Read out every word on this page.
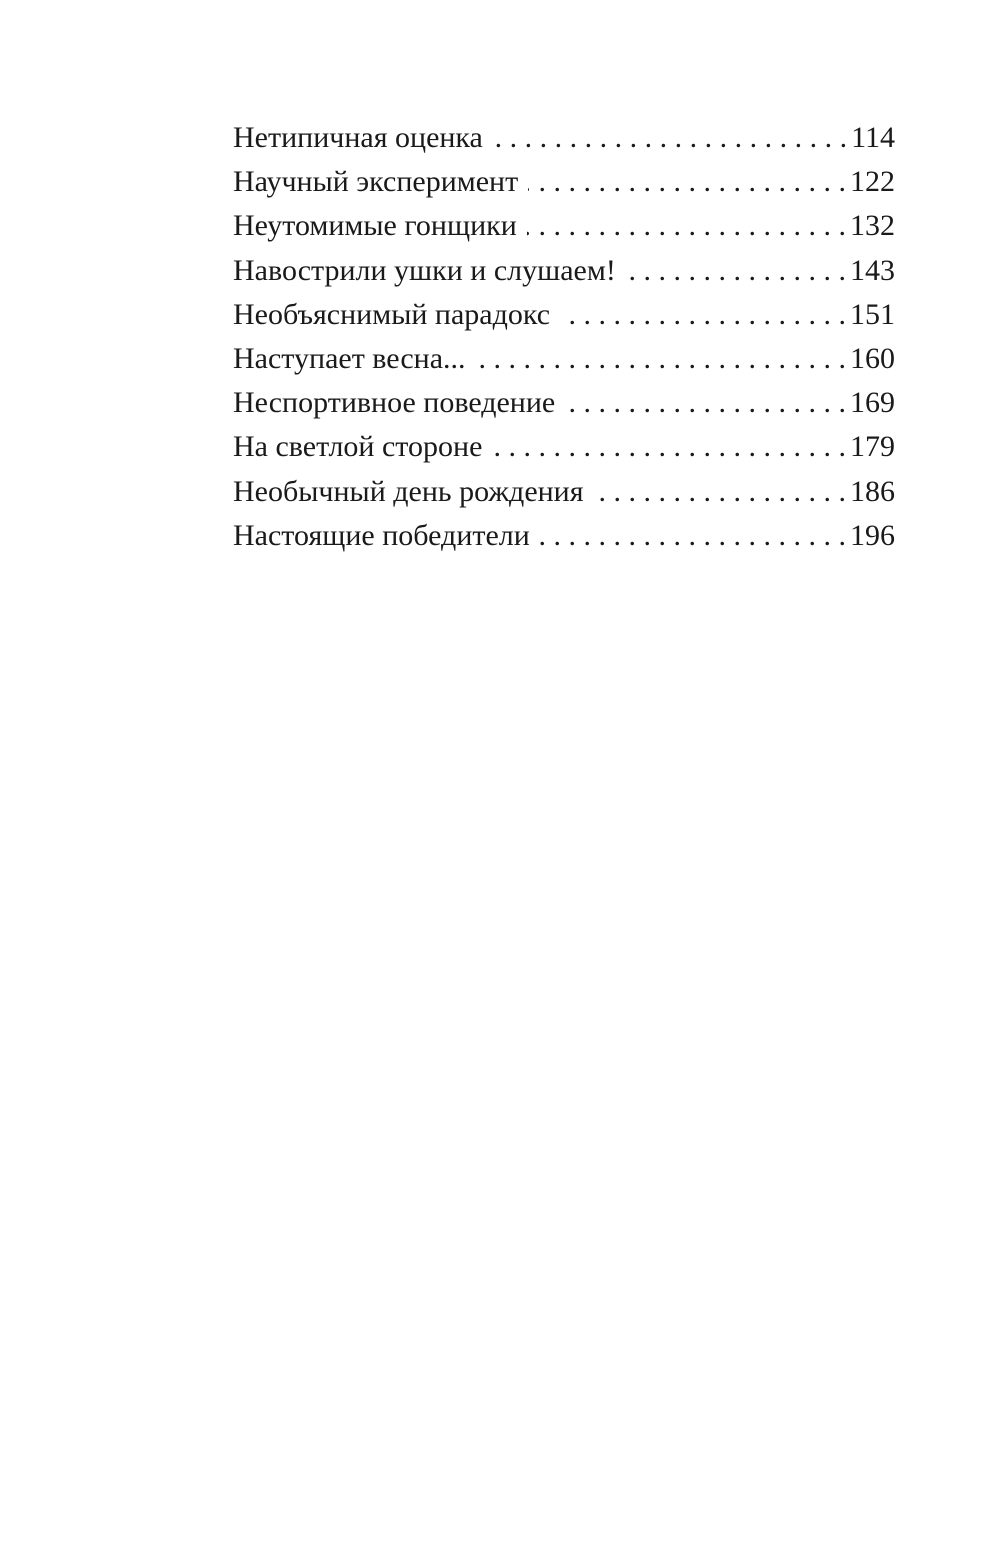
Нетипичная оценка . . .	114
Научный эксперимент . . .	122
Неутомимые гонщики . . .	132
Навострили ушки и слушаем! . . .	143
Необъяснимый парадокс . . .	151
Наступает весна... . . .	160
Неспортивное поведение . . .	169
На светлой стороне . . .	179
Необычный день рождения . . .	186
Настоящие победители . . .	196
